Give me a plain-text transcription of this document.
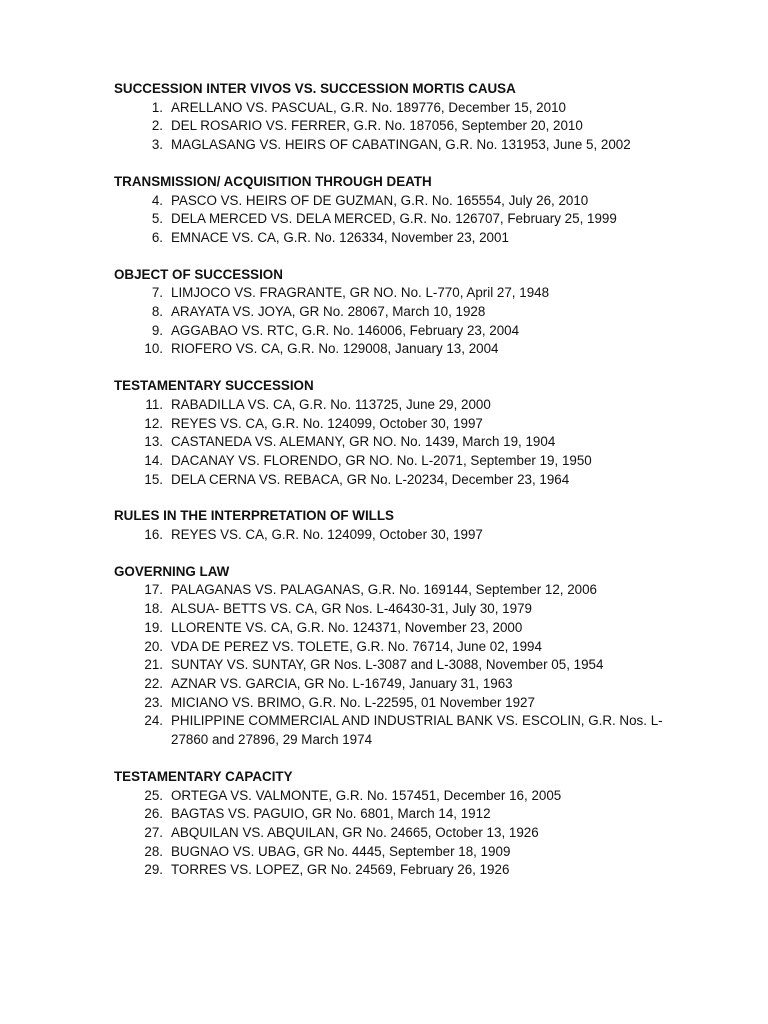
SUCCESSION INTER VIVOS VS. SUCCESSION MORTIS CAUSA

1. ARELLANO VS. PASCUAL, G.R. No. 189776, December 15, 2010
2. DEL ROSARIO VS. FERRER, G.R. No. 187056, September 20, 2010
3. MAGLASANG VS. HEIRS OF CABATINGAN, G.R. No. 131953, June 5, 2002

TRANSMISSION/ ACQUISITION THROUGH DEATH

4. PASCO VS. HEIRS OF DE GUZMAN, G.R. No. 165554, July 26, 2010
5. DELA MERCED VS. DELA MERCED, G.R. No. 126707, February 25, 1999
6. EMNACE VS. CA, G.R. No. 126334, November 23, 2001

OBJECT OF SUCCESSION

7. LIMJOCO VS. FRAGRANTE, GR NO. No. L-770, April 27, 1948
8. ARAYATA VS. JOYA, GR No. 28067, March 10, 1928
9. AGGABAO VS. RTC, G.R. No. 146006, February 23, 2004
10. RIOFERO VS. CA, G.R. No. 129008, January 13, 2004

TESTAMENTARY SUCCESSION

11. RABADILLA VS. CA, G.R. No. 113725, June 29, 2000
12. REYES VS. CA, G.R. No. 124099, October 30, 1997
13. CASTANEDA VS. ALEMANY, GR NO. No. 1439, March 19, 1904
14. DACANAY VS. FLORENDO, GR NO. No. L-2071, September 19, 1950
15. DELA CERNA VS. REBACA, GR No. L-20234, December 23, 1964

RULES IN THE INTERPRETATION OF WILLS

16. REYES VS. CA, G.R. No. 124099, October 30, 1997

GOVERNING LAW

17. PALAGANAS VS. PALAGANAS, G.R. No. 169144, September 12, 2006
18. ALSUA- BETTS VS. CA, GR Nos. L-46430-31, July 30, 1979
19. LLORENTE VS. CA, G.R. No. 124371, November 23, 2000
20. VDA DE PEREZ VS. TOLETE, G.R. No. 76714, June 02, 1994
21. SUNTAY VS. SUNTAY, GR Nos. L-3087 and L-3088, November 05, 1954
22. AZNAR VS. GARCIA, GR No. L-16749, January 31, 1963
23. MICIANO VS. BRIMO, G.R. No. L-22595, 01 November 1927
24. PHILIPPINE COMMERCIAL AND INDUSTRIAL BANK VS. ESCOLIN, G.R. Nos. L-27860 and 27896, 29 March 1974

TESTAMENTARY CAPACITY

25. ORTEGA VS. VALMONTE, G.R. No. 157451, December 16, 2005
26. BAGTAS VS. PAGUIO, GR No. 6801, March 14, 1912
27. ABQUILAN VS. ABQUILAN, GR No. 24665, October 13, 1926
28. BUGNAO VS. UBAG, GR No. 4445, September 18, 1909
29. TORRES VS. LOPEZ, GR No. 24569, February 26, 1926
